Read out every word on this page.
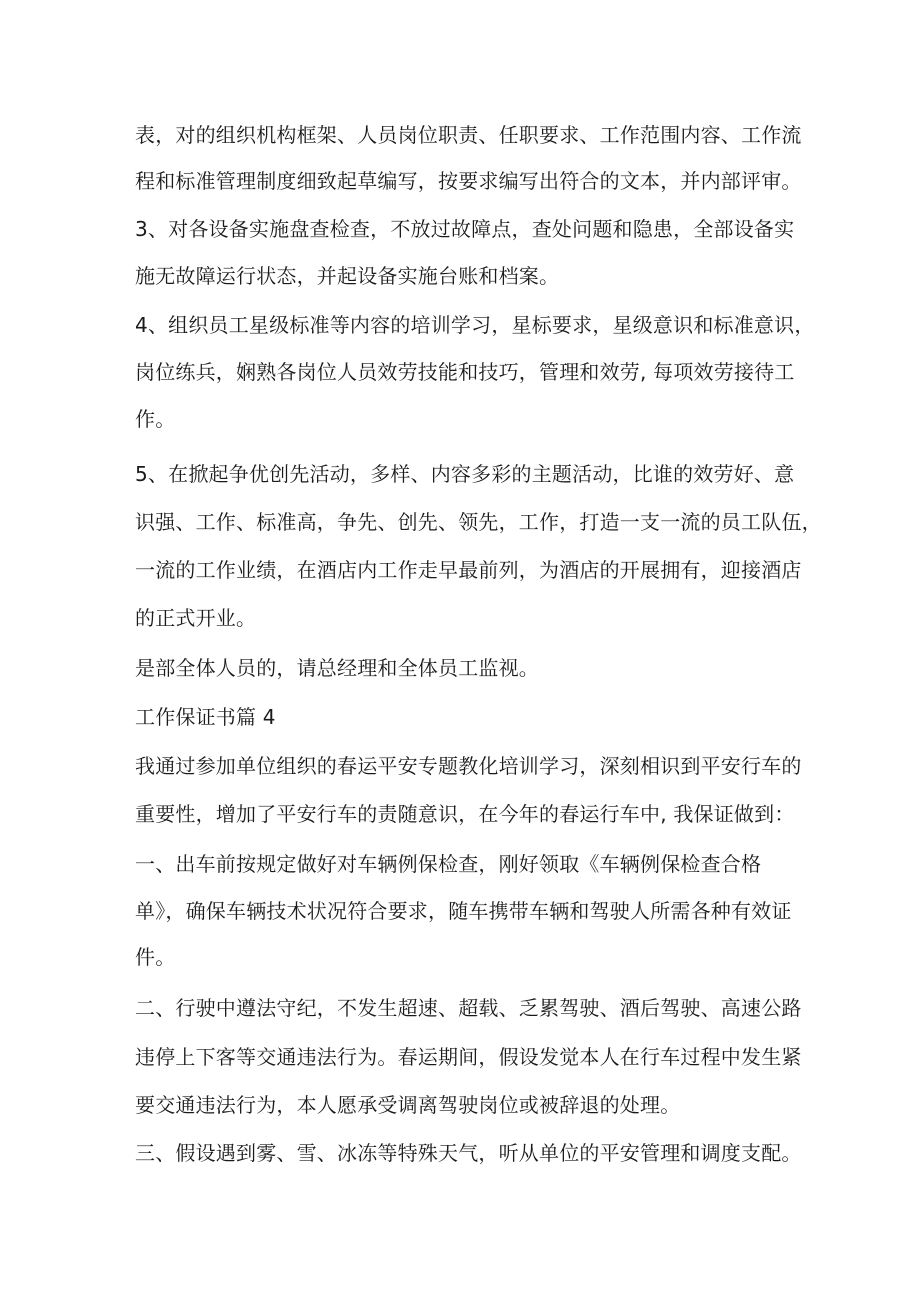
表，对的组织机构框架、人员岗位职责、任职要求、工作范围内容、工作流
程和标准管理制度细致起草编写，按要求编写出符合的文本，并内部评审。
3、对各设备实施盘查检查，不放过故障点，查处问题和隐患，全部设备实
施无故障运行状态，并起设备实施台账和档案。
4、组织员工星级标准等内容的培训学习，星标要求，星级意识和标准意识，
岗位练兵，娴熟各岗位人员效劳技能和技巧，管理和效劳, 每项效劳接待工
作。
5、在掀起争优创先活动，多样、内容多彩的主题活动，比谁的效劳好、意
识强、工作、标准高，争先、创先、领先，工作，打造一支一流的员工队伍，
一流的工作业绩，在酒店内工作走早最前列，为酒店的开展拥有，迎接酒店
的正式开业。
是部全体人员的，请总经理和全体员工监视。
工作保证书篇 4
我通过参加单位组织的春运平安专题教化培训学习，深刻相识到平安行车的
重要性，增加了平安行车的责随意识，在今年的春运行车中, 我保证做到：
一、出车前按规定做好对车辆例保检查，刚好领取《车辆例保检查合格
单》，确保车辆技术状况符合要求，随车携带车辆和驾驶人所需各种有效证
件。
二、行驶中遵法守纪，不发生超速、超载、乏累驾驶、酒后驾驶、高速公路
违停上下客等交通违法行为。春运期间，假设发觉本人在行车过程中发生紧
要交通违法行为，本人愿承受调离驾驶岗位或被辞退的处理。
三、假设遇到雾、雪、冰冻等特殊天气，听从单位的平安管理和调度支配。
